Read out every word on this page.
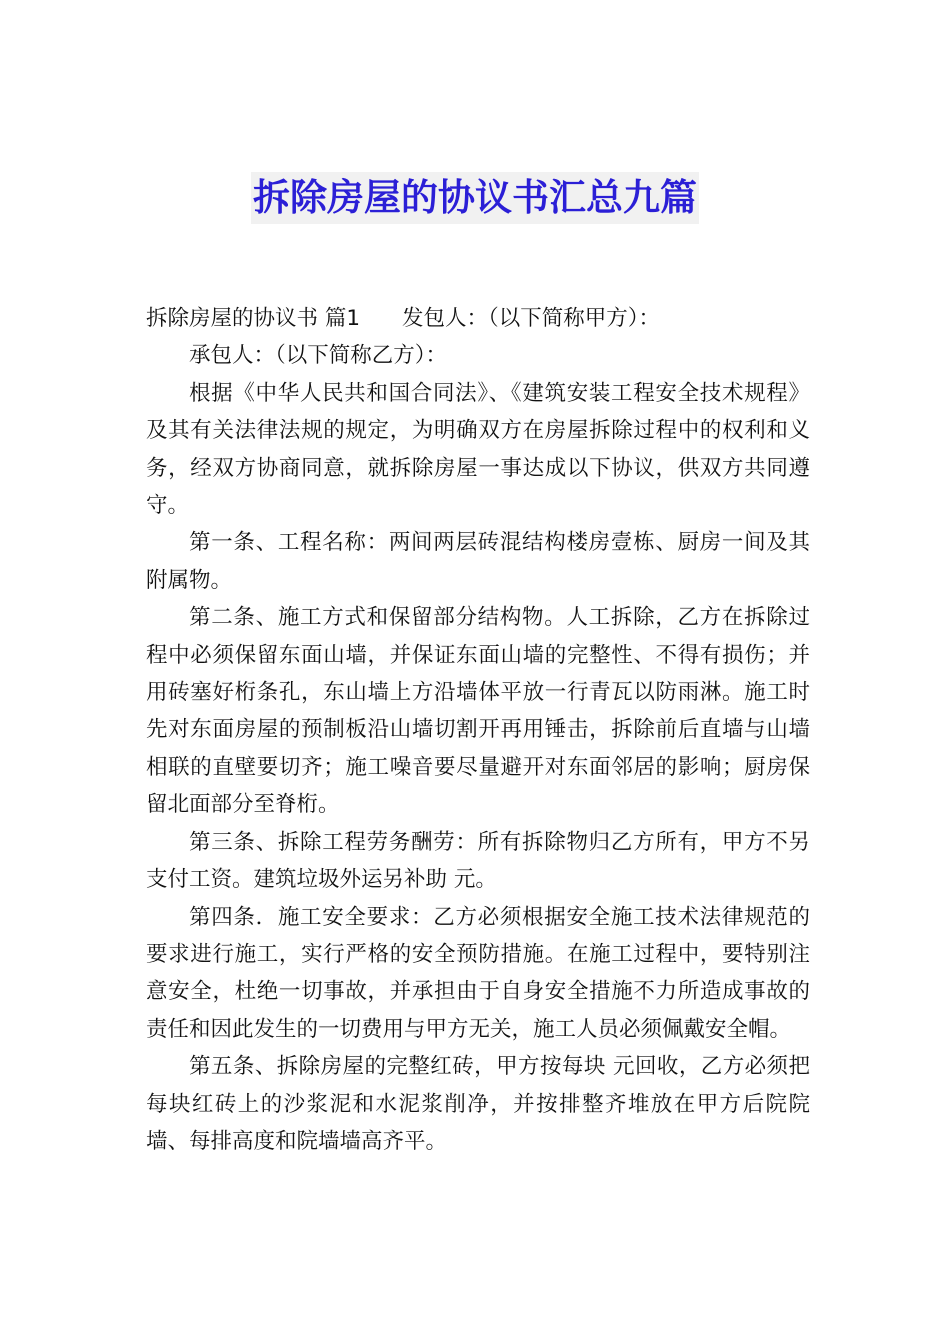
拆除房屋的协议书汇总九篇

拆除房屋的协议书 篇1 发包人：（以下简称甲方）：

承包人：（以下简称乙方）：

根据《中华人民共和国合同法》、《建筑安装工程安全技术规程》及其有关法律法规的规定，为明确双方在房屋拆除过程中的权利和义务，经双方协商同意，就拆除房屋一事达成以下协议，供双方共同遵守。

第一条、工程名称：两间两层砖混结构楼房壹栋、厨房一间及其附属物。

第二条、施工方式和保留部分结构物。人工拆除，乙方在拆除过程中必须保留东面山墙，并保证东面山墙的完整性、不得有损伤；并用砖塞好桁条孔，东山墙上方沿墙体平放一行青瓦以防雨淋。施工时先对东面房屋的预制板沿山墙切割开再用锤击，拆除前后直墙与山墙相联的直壁要切齐；施工噪音要尽量避开对东面邻居的影响；厨房保留北面部分至脊桁。

第三条、拆除工程劳务酬劳：所有拆除物归乙方所有，甲方不另支付工资。建筑垃圾外运另补助 元。

第四条．施工安全要求：乙方必须根据安全施工技术法律规范的要求进行施工，实行严格的安全预防措施。在施工过程中，要特别注意安全，杜绝一切事故，并承担由于自身安全措施不力所造成事故的责任和因此发生的一切费用与甲方无关，施工人员必须佩戴安全帽。

第五条、拆除房屋的完整红砖，甲方按每块 元回收，乙方必须把每块红砖上的沙浆泥和水泥浆削净，并按排整齐堆放在甲方后院院墙、每排高度和院墙墙高齐平。
